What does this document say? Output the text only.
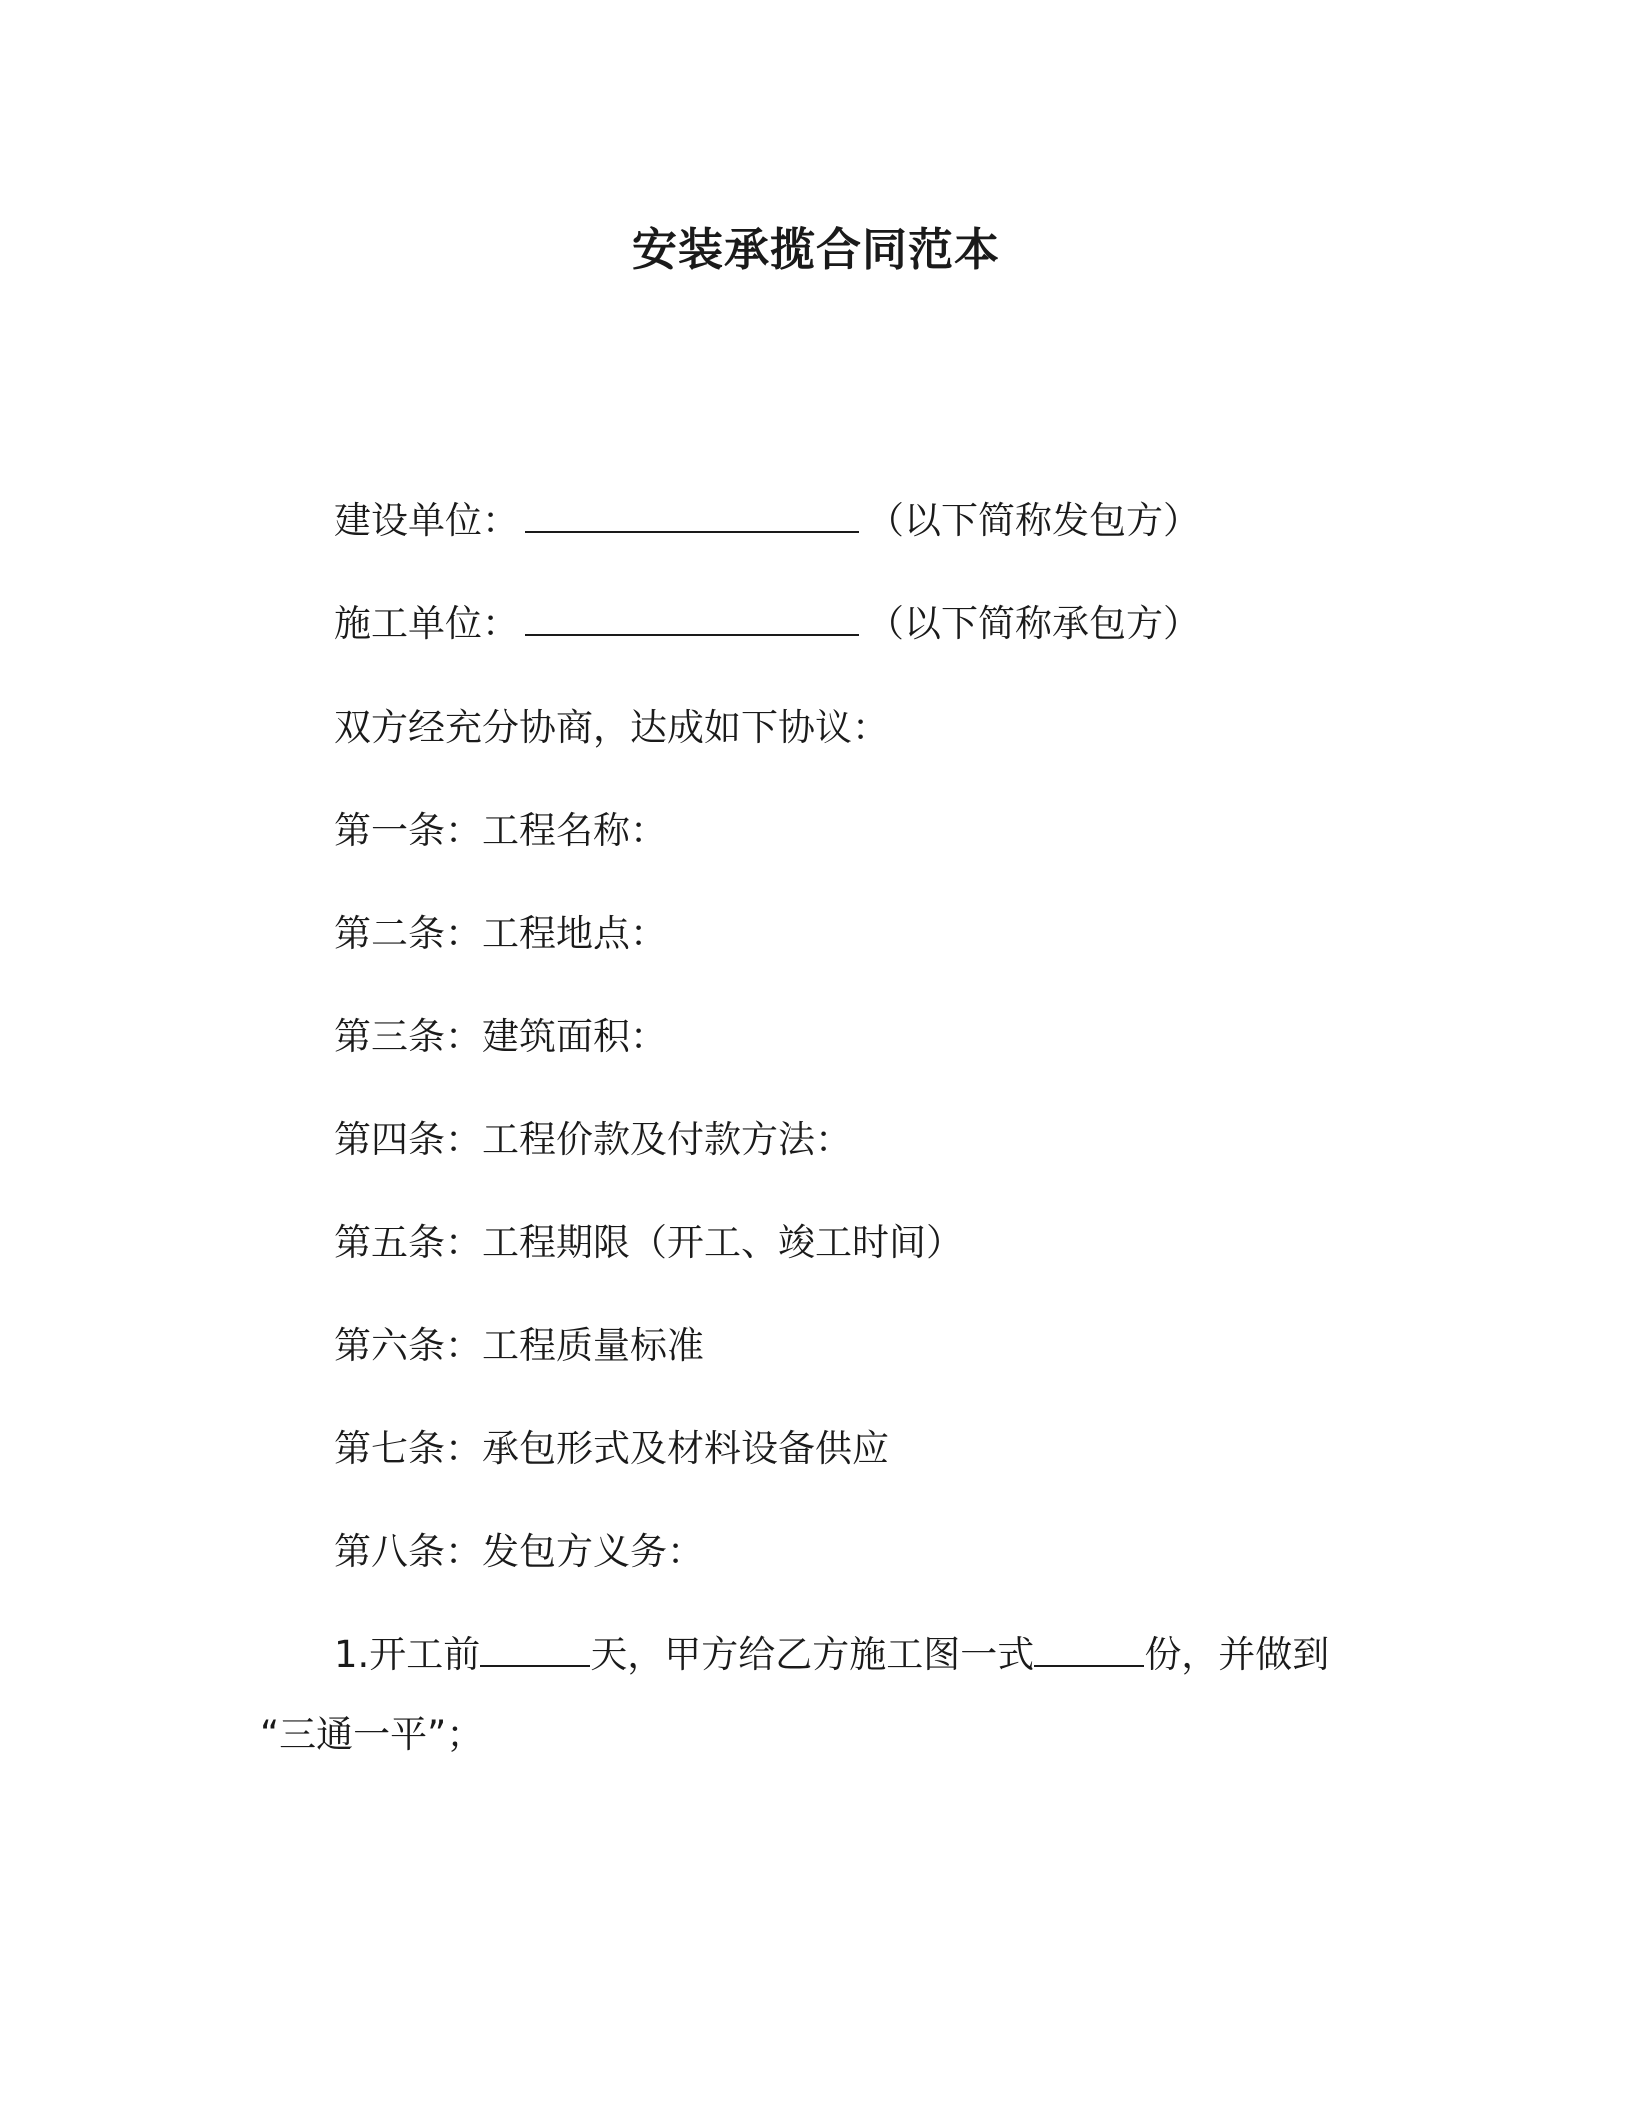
安装承揽合同范本
建设单位：	（以下简称发包方）
施工单位：	（以下简称承包方）
双方经充分协商，达成如下协议：
第一条：工程名称：
第二条：工程地点：
第三条：建筑面积：
第四条：工程价款及付款方法：
第五条：工程期限（开工、竣工时间）
第六条：工程质量标准
第七条：承包形式及材料设备供应
第八条：发包方义务：
1.开工前	天，甲方给乙方施工图一式	份，并做到
“三通一平”；
